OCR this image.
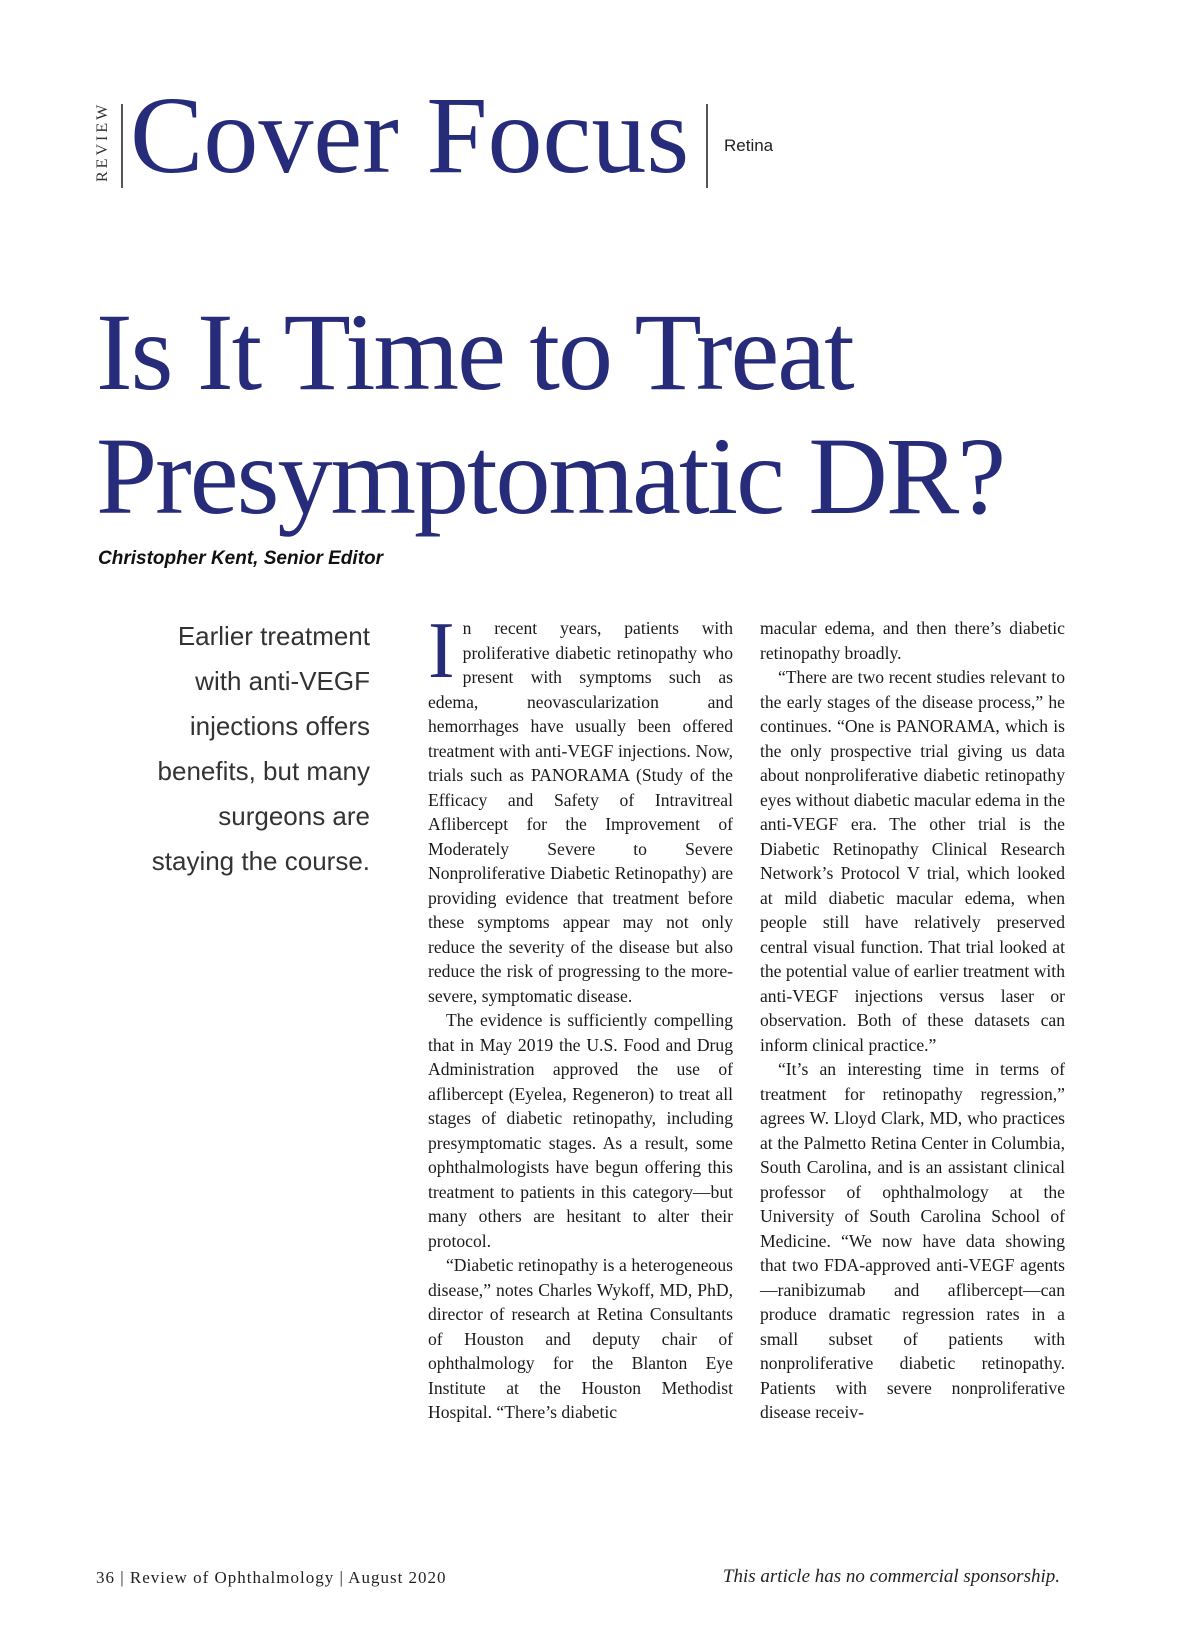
REVIEW Cover Focus Retina
Is It Time to Treat
Presymptomatic DR?
Christopher Kent, Senior Editor
Earlier treatment with anti-VEGF injections offers benefits, but many surgeons are staying the course.

In recent years, patients with proliferative diabetic retinopathy who present with symptoms such as edema, neovascularization and hemorrhages have usually been offered treatment with anti-VEGF injections. Now, trials such as PANORAMA (Study of the Efficacy and Safety of Intravitreal Aflibercept for the Improvement of Moderately Severe to Severe Nonproliferative Diabetic Retinopathy) are providing evidence that treatment before these symptoms appear may not only reduce the severity of the disease but also reduce the risk of progressing to the more-severe, symptomatic disease.

The evidence is sufficiently compelling that in May 2019 the U.S. Food and Drug Administration approved the use of aflibercept (Eyelea, Regeneron) to treat all stages of diabetic retinopathy, including presymptomatic stages. As a result, some ophthalmologists have begun offering this treatment to patients in this category—but many others are hesitant to alter their protocol.

“Diabetic retinopathy is a heterogeneous disease,” notes Charles Wykoff, MD, PhD, director of research at Retina Consultants of Houston and deputy chair of ophthalmology for the Blanton Eye Institute at the Houston Methodist Hospital. “There’s diabetic

macular edema, and then there’s diabetic retinopathy broadly.

“There are two recent studies relevant to the early stages of the disease process,” he continues. “One is PANORAMA, which is the only prospective trial giving us data about nonproliferative diabetic retinopathy eyes without diabetic macular edema in the anti-VEGF era. The other trial is the Diabetic Retinopathy Clinical Research Network’s Protocol V trial, which looked at mild diabetic macular edema, when people still have relatively preserved central visual function. That trial looked at the potential value of earlier treatment with anti-VEGF injections versus laser or observation. Both of these datasets can inform clinical practice.”

“It’s an interesting time in terms of treatment for retinopathy regression,” agrees W. Lloyd Clark, MD, who practices at the Palmetto Retina Center in Columbia, South Carolina, and is an assistant clinical professor of ophthalmology at the University of South Carolina School of Medicine. “We now have data showing that two FDA-approved anti-VEGF agents—ranibizumab and aflibercept—can produce dramatic regression rates in a small subset of patients with nonproliferative diabetic retinopathy. Patients with severe nonproliferative disease receiv-

36 | Review of Ophthalmology | August 2020	This article has no commercial sponsorship.
